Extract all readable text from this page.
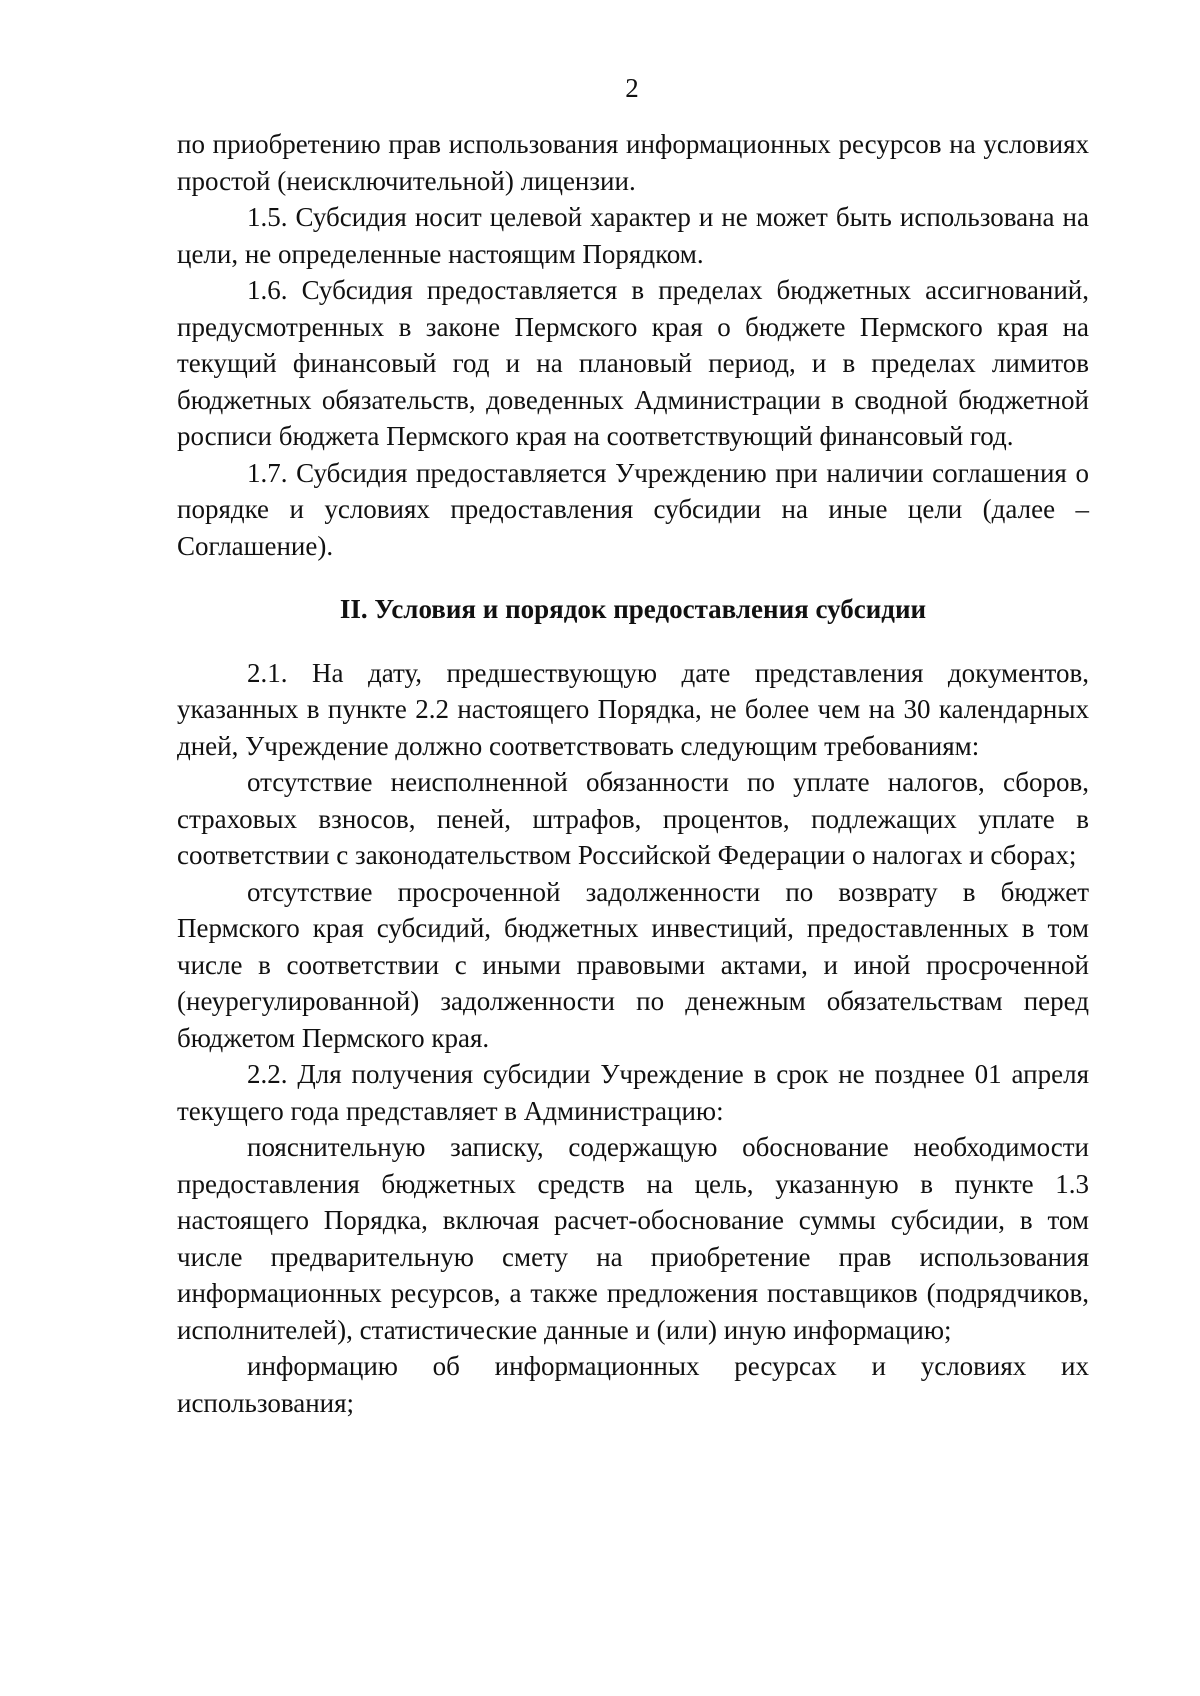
2

по приобретению прав использования информационных ресурсов на условиях простой (неисключительной) лицензии.

1.5. Субсидия носит целевой характер и не может быть использована на цели, не определенные настоящим Порядком.

1.6. Субсидия предоставляется в пределах бюджетных ассигнований, предусмотренных в законе Пермского края о бюджете Пермского края на текущий финансовый год и на плановый период, и в пределах лимитов бюджетных обязательств, доведенных Администрации в сводной бюджетной росписи бюджета Пермского края на соответствующий финансовый год.

1.7. Субсидия предоставляется Учреждению при наличии соглашения о порядке и условиях предоставления субсидии на иные цели (далее – Соглашение).

II. Условия и порядок предоставления субсидии

2.1. На дату, предшествующую дате представления документов, указанных в пункте 2.2 настоящего Порядка, не более чем на 30 календарных дней, Учреждение должно соответствовать следующим требованиям:

отсутствие неисполненной обязанности по уплате налогов, сборов, страховых взносов, пеней, штрафов, процентов, подлежащих уплате в соответствии с законодательством Российской Федерации о налогах и сборах;

отсутствие просроченной задолженности по возврату в бюджет Пермского края субсидий, бюджетных инвестиций, предоставленных в том числе в соответствии с иными правовыми актами, и иной просроченной (неурегулированной) задолженности по денежным обязательствам перед бюджетом Пермского края.

2.2. Для получения субсидии Учреждение в срок не позднее 01 апреля текущего года представляет в Администрацию:

пояснительную записку, содержащую обоснование необходимости предоставления бюджетных средств на цель, указанную в пункте 1.3 настоящего Порядка, включая расчет-обоснование суммы субсидии, в том числе предварительную смету на приобретение прав использования информационных ресурсов, а также предложения поставщиков (подрядчиков, исполнителей), статистические данные и (или) иную информацию;

информацию об информационных ресурсах и условиях их использования;
